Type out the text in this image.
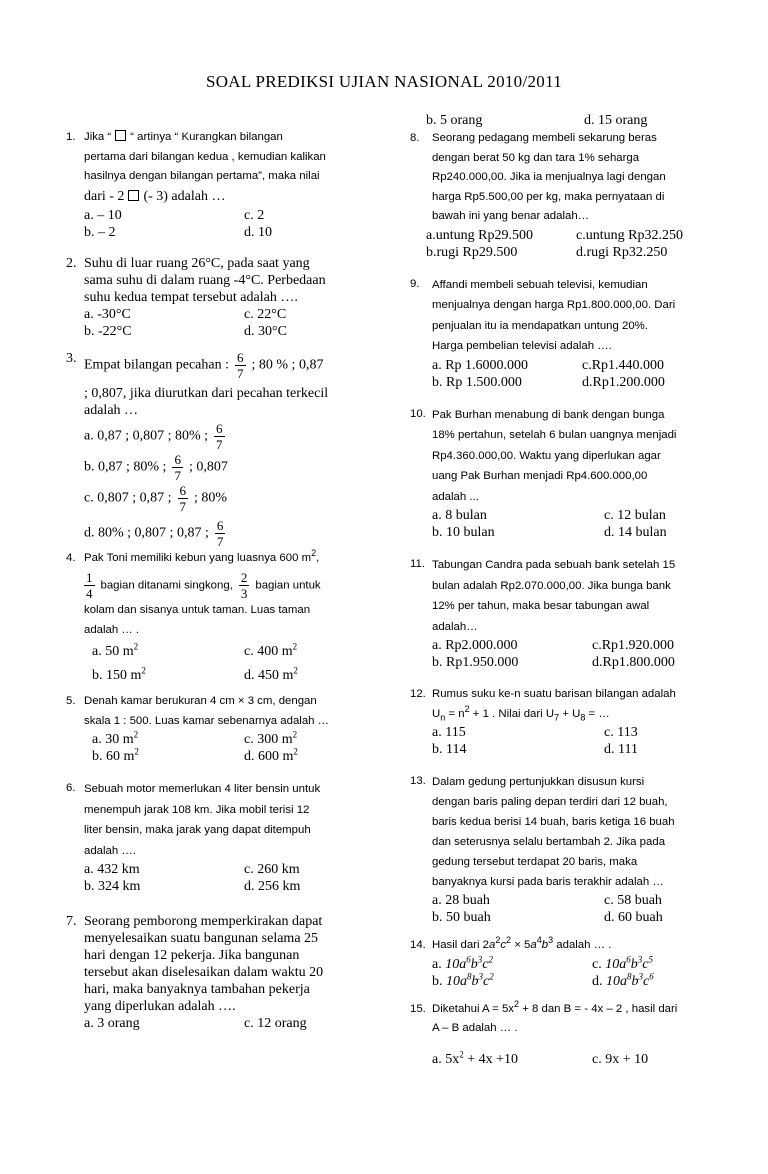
SOAL PREDIKSI UJIAN NASIONAL 2010/2011
1. Jika “ “ artinya “ Kurangkan bilangan
pertama dari bilangan kedua , kemudian kalikan
hasilnya dengan bilangan pertama”, maka nilai
dari - 2 (- 3) adalah …
a. – 10	c. 2
b. – 2	d. 10
2. Suhu di luar ruang 26°C, pada saat yang
sama suhu di dalam ruang -4°C. Perbedaan
suhu kedua tempat tersebut adalah ….
a. -30°C	c. 22°C
b. -22°C	d. 30°C
3. Empat bilangan pecahan : $\frac{6}{7}$ ; 80 % ; 0,87
; 0,807, jika diurutkan dari pecahan terkecil
adalah …
a. 0,87 ; 0,807 ; 80% ; $\frac{6}{7}$
b. 0,87 ; 80% ; $\frac{6}{7}$ ; 0,807
c. 0,807 ; 0,87 ; $\frac{6}{7}$ ; 80%
d. 80% ; 0,807 ; 0,87 ; $\frac{6}{7}$
4. Pak Toni memiliki kebun yang luasnya 600 $m^2$,
$\frac{1}{4}$ bagian ditanami singkong, $\frac{2}{3}$ bagian untuk
kolam dan sisanya untuk taman. Luas taman
adalah … .
a. 50 $m^2$	c. 400 $m^2$
b. 150 $m^2$	d. 450 $m^2$
5. Denah kamar berukuran 4 cm × 3 cm, dengan
skala 1 : 500. Luas kamar sebenarnya adalah …
a. 30 $m^2$	c. 300 $m^2$
b. 60 $m^2$	d. 600 $m^2$
6. Sebuah motor memerlukan 4 liter bensin untuk
menempuh jarak 108 km. Jika mobil terisi 12
liter bensin, maka jarak yang dapat ditempuh
adalah ….
a. 432 km	c. 260 km
b. 324 km	d. 256 km
7. Seorang pemborong memperkirakan dapat
menyelesaikan suatu bangunan selama 25
hari dengan 12 pekerja. Jika bangunan
tersebut akan diselesaikan dalam waktu 20
hari, maka banyaknya tambahan pekerja
yang diperlukan adalah ….
a. 3 orang	c. 12 orang
b. 5 orang	d. 15 orang
8.	Seorang pedagang membeli sekarung beras
dengan berat 50 kg dan tara 1% seharga
Rp240.000,00. Jika ia menjualnya lagi dengan
harga Rp5.500,00 per kg, maka pernyataan di
bawah ini yang benar adalah…
a.untung Rp29.500	c.untung Rp32.250
b.rugi Rp29.500	d.rugi Rp32.250
9.	Affandi membeli sebuah televisi, kemudian
menjualnya dengan harga Rp1.800.000,00. Dari
penjualan itu ia mendapatkan untung 20%.
Harga pembelian televisi adalah ….
a. Rp 1.6000.000	c.Rp1.440.000
b. Rp 1.500.000	d.Rp1.200.000
10. Pak Burhan menabung di bank dengan bunga
18% pertahun, setelah 6 bulan uangnya menjadi
Rp4.360.000,00. Waktu yang diperlukan agar
uang Pak Burhan menjadi Rp4.600.000,00
adalah ...
a. 8 bulan	c. 12 bulan
b. 10 bulan	d. 14 bulan
11. Tabungan Candra pada sebuah bank setelah 15
bulan adalah Rp2.070.000,00. Jika bunga bank
12% per tahun, maka besar tabungan awal
adalah…
a. Rp2.000.000	c.Rp1.920.000
b. Rp1.950.000	d.Rp1.800.000
12. Rumus suku ke-n suatu barisan bilangan adalah
$U_n = n^2 + 1$ . Nilai dari $U_7 + U_8$ = …
a. 115	c. 113
b. 114	d. 111
13. Dalam gedung pertunjukkan disusun kursi
dengan baris paling depan terdiri dari 12 buah,
baris kedua berisi 14 buah, baris ketiga 16 buah
dan seterusnya selalu bertambah 2. Jika pada
gedung tersebut terdapat 20 baris, maka
banyaknya kursi pada baris terakhir adalah …
a. 28 buah	c. 58 buah
b. 50 buah	d. 60 buah
14. Hasil dari $2a^2c^2 \times 5a^4b^3$ adalah … .
a. $10a^6b^3c^2$	c. $10a^6b^3c^5$
b. $10a^8b^3c^2$	d. $10a^8b^3c^6$
15. Diketahui $A = 5x^2 + 8$ dan B = - 4x – 2 , hasil dari
A – B adalah … .
a. $5x^2 + 4x +10$	c. 9x + 10
